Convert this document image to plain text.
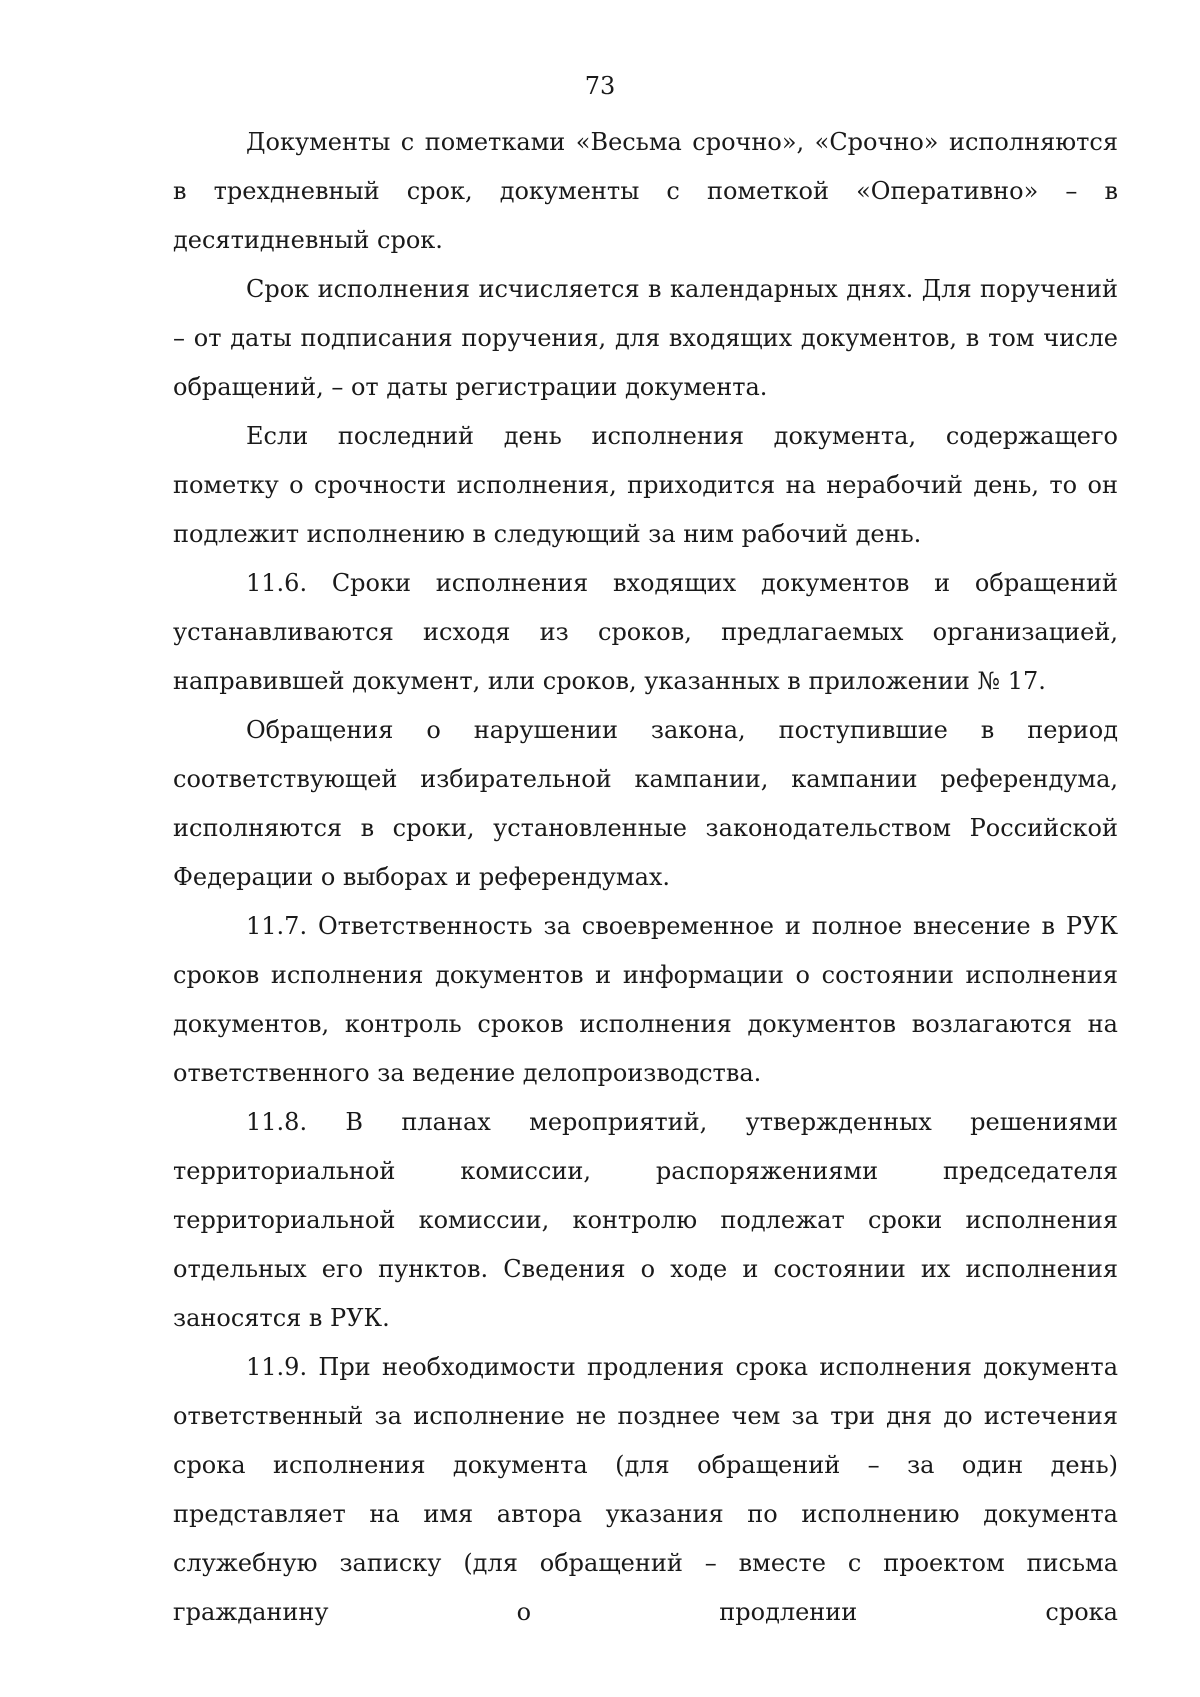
73

Документы с пометками «Весьма срочно», «Срочно» исполняются в трехдневный срок, документы с пометкой «Оперативно» – в десятидневный срок.

Срок исполнения исчисляется в календарных днях. Для поручений – от даты подписания поручения, для входящих документов, в том числе обращений, – от даты регистрации документа.

Если последний день исполнения документа, содержащего пометку о срочности исполнения, приходится на нерабочий день, то он подлежит исполнению в следующий за ним рабочий день.

11.6. Сроки исполнения входящих документов и обращений устанавливаются исходя из сроков, предлагаемых организацией, направившей документ, или сроков, указанных в приложении № 17.

Обращения о нарушении закона, поступившие в период соответствующей избирательной кампании, кампании референдума, исполняются в сроки, установленные законодательством Российской Федерации о выборах и референдумах.

11.7. Ответственность за своевременное и полное внесение в РУК сроков исполнения документов и информации о состоянии исполнения документов, контроль сроков исполнения документов возлагаются на ответственного за ведение делопроизводства.

11.8. В планах мероприятий, утвержденных решениями территориальной комиссии, распоряжениями председателя территориальной комиссии, контролю подлежат сроки исполнения отдельных его пунктов. Сведения о ходе и состоянии их исполнения заносятся в РУК.

11.9. При необходимости продления срока исполнения документа ответственный за исполнение не позднее чем за три дня до истечения срока исполнения документа (для обращений – за один день) представляет на имя автора указания по исполнению документа служебную записку (для обращений – вместе с проектом письма гражданину о продлении срока
